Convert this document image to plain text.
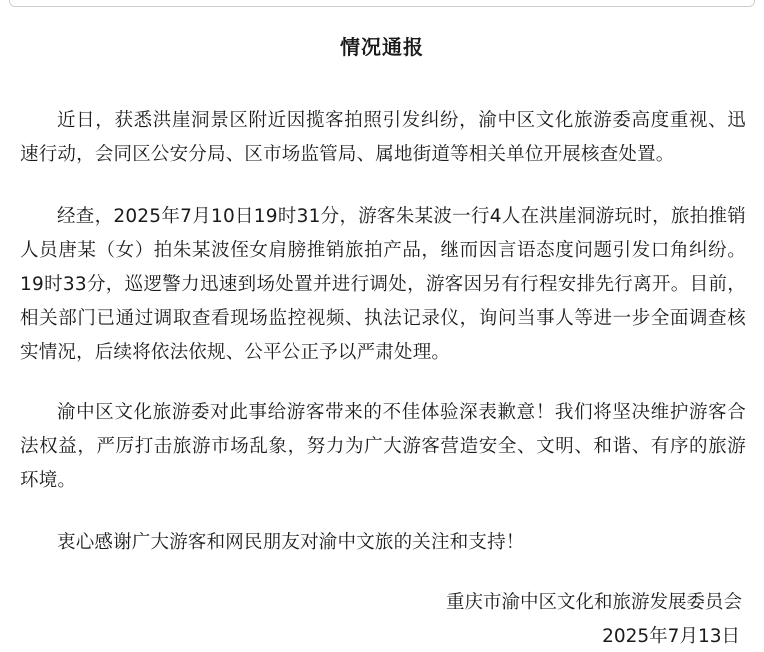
情况通报

近日，获悉洪崖洞景区附近因揽客拍照引发纠纷，渝中区文化旅游委高度重视、迅速行动，会同区公安分局、区市场监管局、属地街道等相关单位开展核查处置。

经查，2025年7月10日19时31分，游客朱某波一行4人在洪崖洞游玩时，旅拍推销人员唐某（女）拍朱某波侄女肩膀推销旅拍产品，继而因言语态度问题引发口角纠纷。19时33分，巡逻警力迅速到场处置并进行调处，游客因另有行程安排先行离开。目前，相关部门已通过调取查看现场监控视频、执法记录仪，询问当事人等进一步全面调查核实情况，后续将依法依规、公平公正予以严肃处理。

渝中区文化旅游委对此事给游客带来的不佳体验深表歉意！我们将坚决维护游客合法权益，严厉打击旅游市场乱象，努力为广大游客营造安全、文明、和谐、有序的旅游环境。

衷心感谢广大游客和网民朋友对渝中文旅的关注和支持！

重庆市渝中区文化和旅游发展委员会
2025年7月13日
